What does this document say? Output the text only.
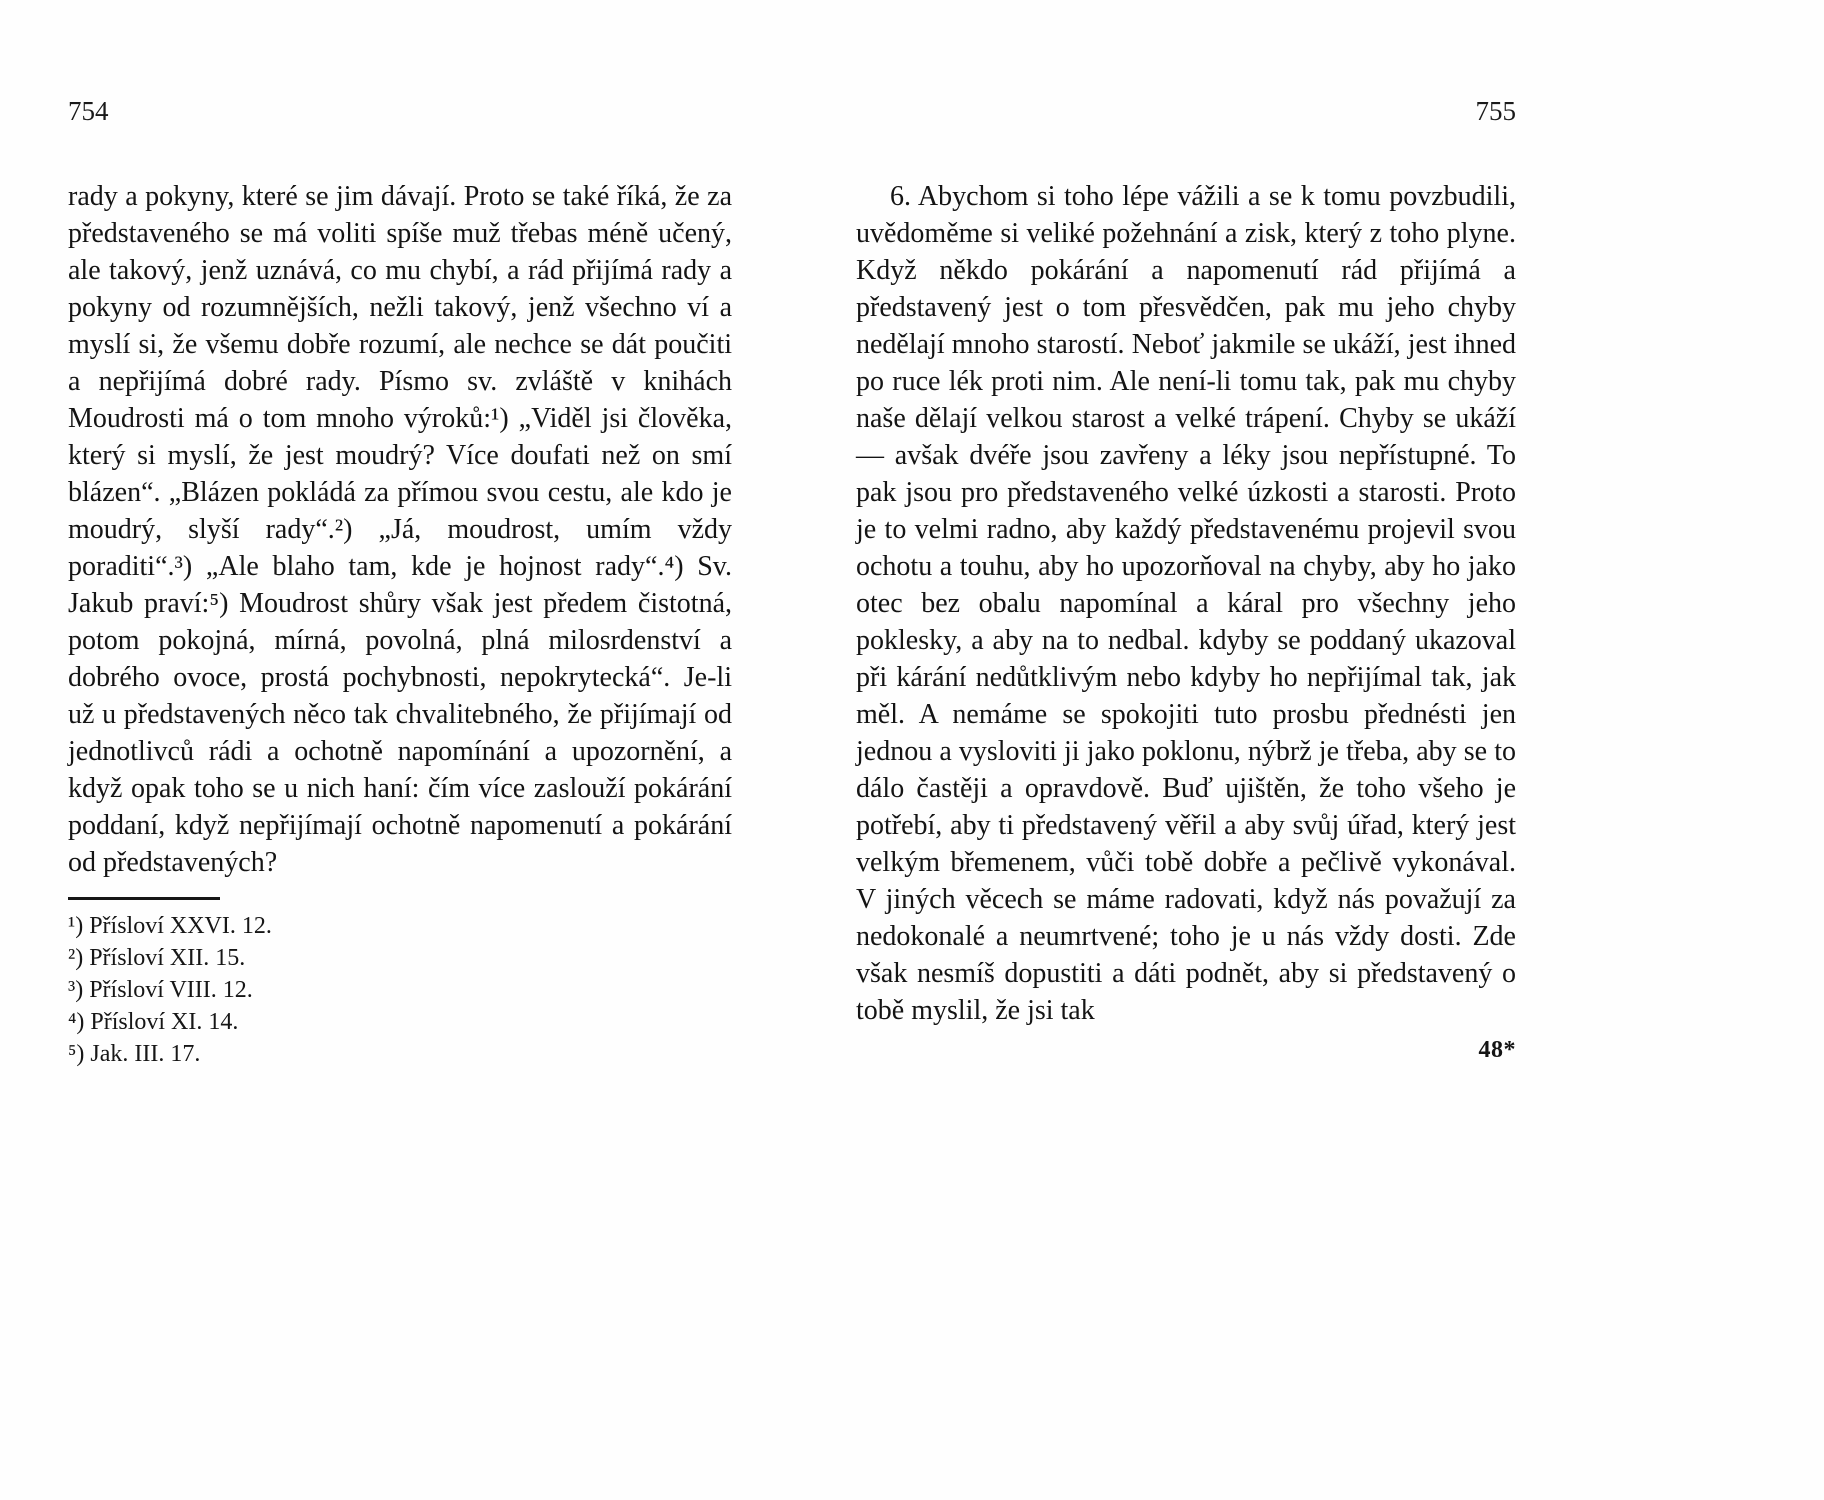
754

rady a pokyny, které se jim dávají. Proto se také říká, že za představeného se má voliti spíše muž třebas méně učený, ale takový, jenž uznává, co mu chybí, a rád přijímá rady a pokyny od rozumnějších, nežli takový, jenž všechno ví a myslí si, že všemu dobře rozumí, ale nechce se dát poučiti a nepřijímá dobré rady. Písmo sv. zvláště v knihách Moudrosti má o tom mnoho výroků:¹) „Viděl jsi člověka, který si myslí, že jest moudrý? Více doufati než on smí blázen“. „Blázen pokládá za přímou svou cestu, ale kdo je moudrý, slyší rady“.²) „Já, moudrost, umím vždy poraditi“.³) „Ale blaho tam, kde je hojnost rady“.⁴) Sv. Jakub praví:⁵) Moudrost shůry však jest předem čistotná, potom pokojná, mírná, povolná, plná milosrdenství a dobrého ovoce, prostá pochybnosti, nepokrytecká“. Je-li už u představených něco tak chvalitebného, že přijímají od jednotlivců rádi a ochotně napomínání a upozornění, a když opak toho se u nich haní: čím více zaslouží pokárání poddaní, když nepřijímají ochotně napomenutí a pokárání od představených?

¹) Přísloví XXVI. 12.
²) Přísloví XII. 15.
³) Přísloví VIII. 12.
⁴) Přísloví XI. 14.
⁵) Jak. III. 17.
755

6. Abychom si toho lépe vážili a se k tomu povzbudili, uvědoměme si veliké požehnání a zisk, který z toho plyne. Když někdo pokárání a napomenutí rád přijímá a představený jest o tom přesvědčen, pak mu jeho chyby nedělají mnoho starostí. Neboť jakmile se ukáží, jest ihned po ruce lék proti nim. Ale není-li tomu tak, pak mu chyby naše dělají velkou starost a velké trápení. Chyby se ukáží — avšak dvéře jsou zavřeny a léky jsou nepřístupné. To pak jsou pro představeného velké úzkosti a starosti. Proto je to velmi radno, aby každý představenému projevil svou ochotu a touhu, aby ho upozorňoval na chyby, aby ho jako otec bez obalu napomínal a káral pro všechny jeho poklesky, a aby na to nedbal. kdyby se poddaný ukazoval při kárání nedůtklivým nebo kdyby ho nepřijímal tak, jak měl. A nemáme se spokojiti tuto prosbu přednésti jen jednou a vysloviti ji jako poklonu, nýbrž je třeba, aby se to dálo častěji a opravdově. Buď ujištěn, že toho všeho je potřebí, aby ti představený věřil a aby svůj úřad, který jest velkým břemenem, vůči tobě dobře a pečlivě vykonával. V jiných věcech se máme radovati, když nás považují za nedokonalé a neumrtvené; toho je u nás vždy dosti. Zde však nesmíš dopustiti a dáti podnět, aby si představený o tobě myslil, že jsi tak

48*
